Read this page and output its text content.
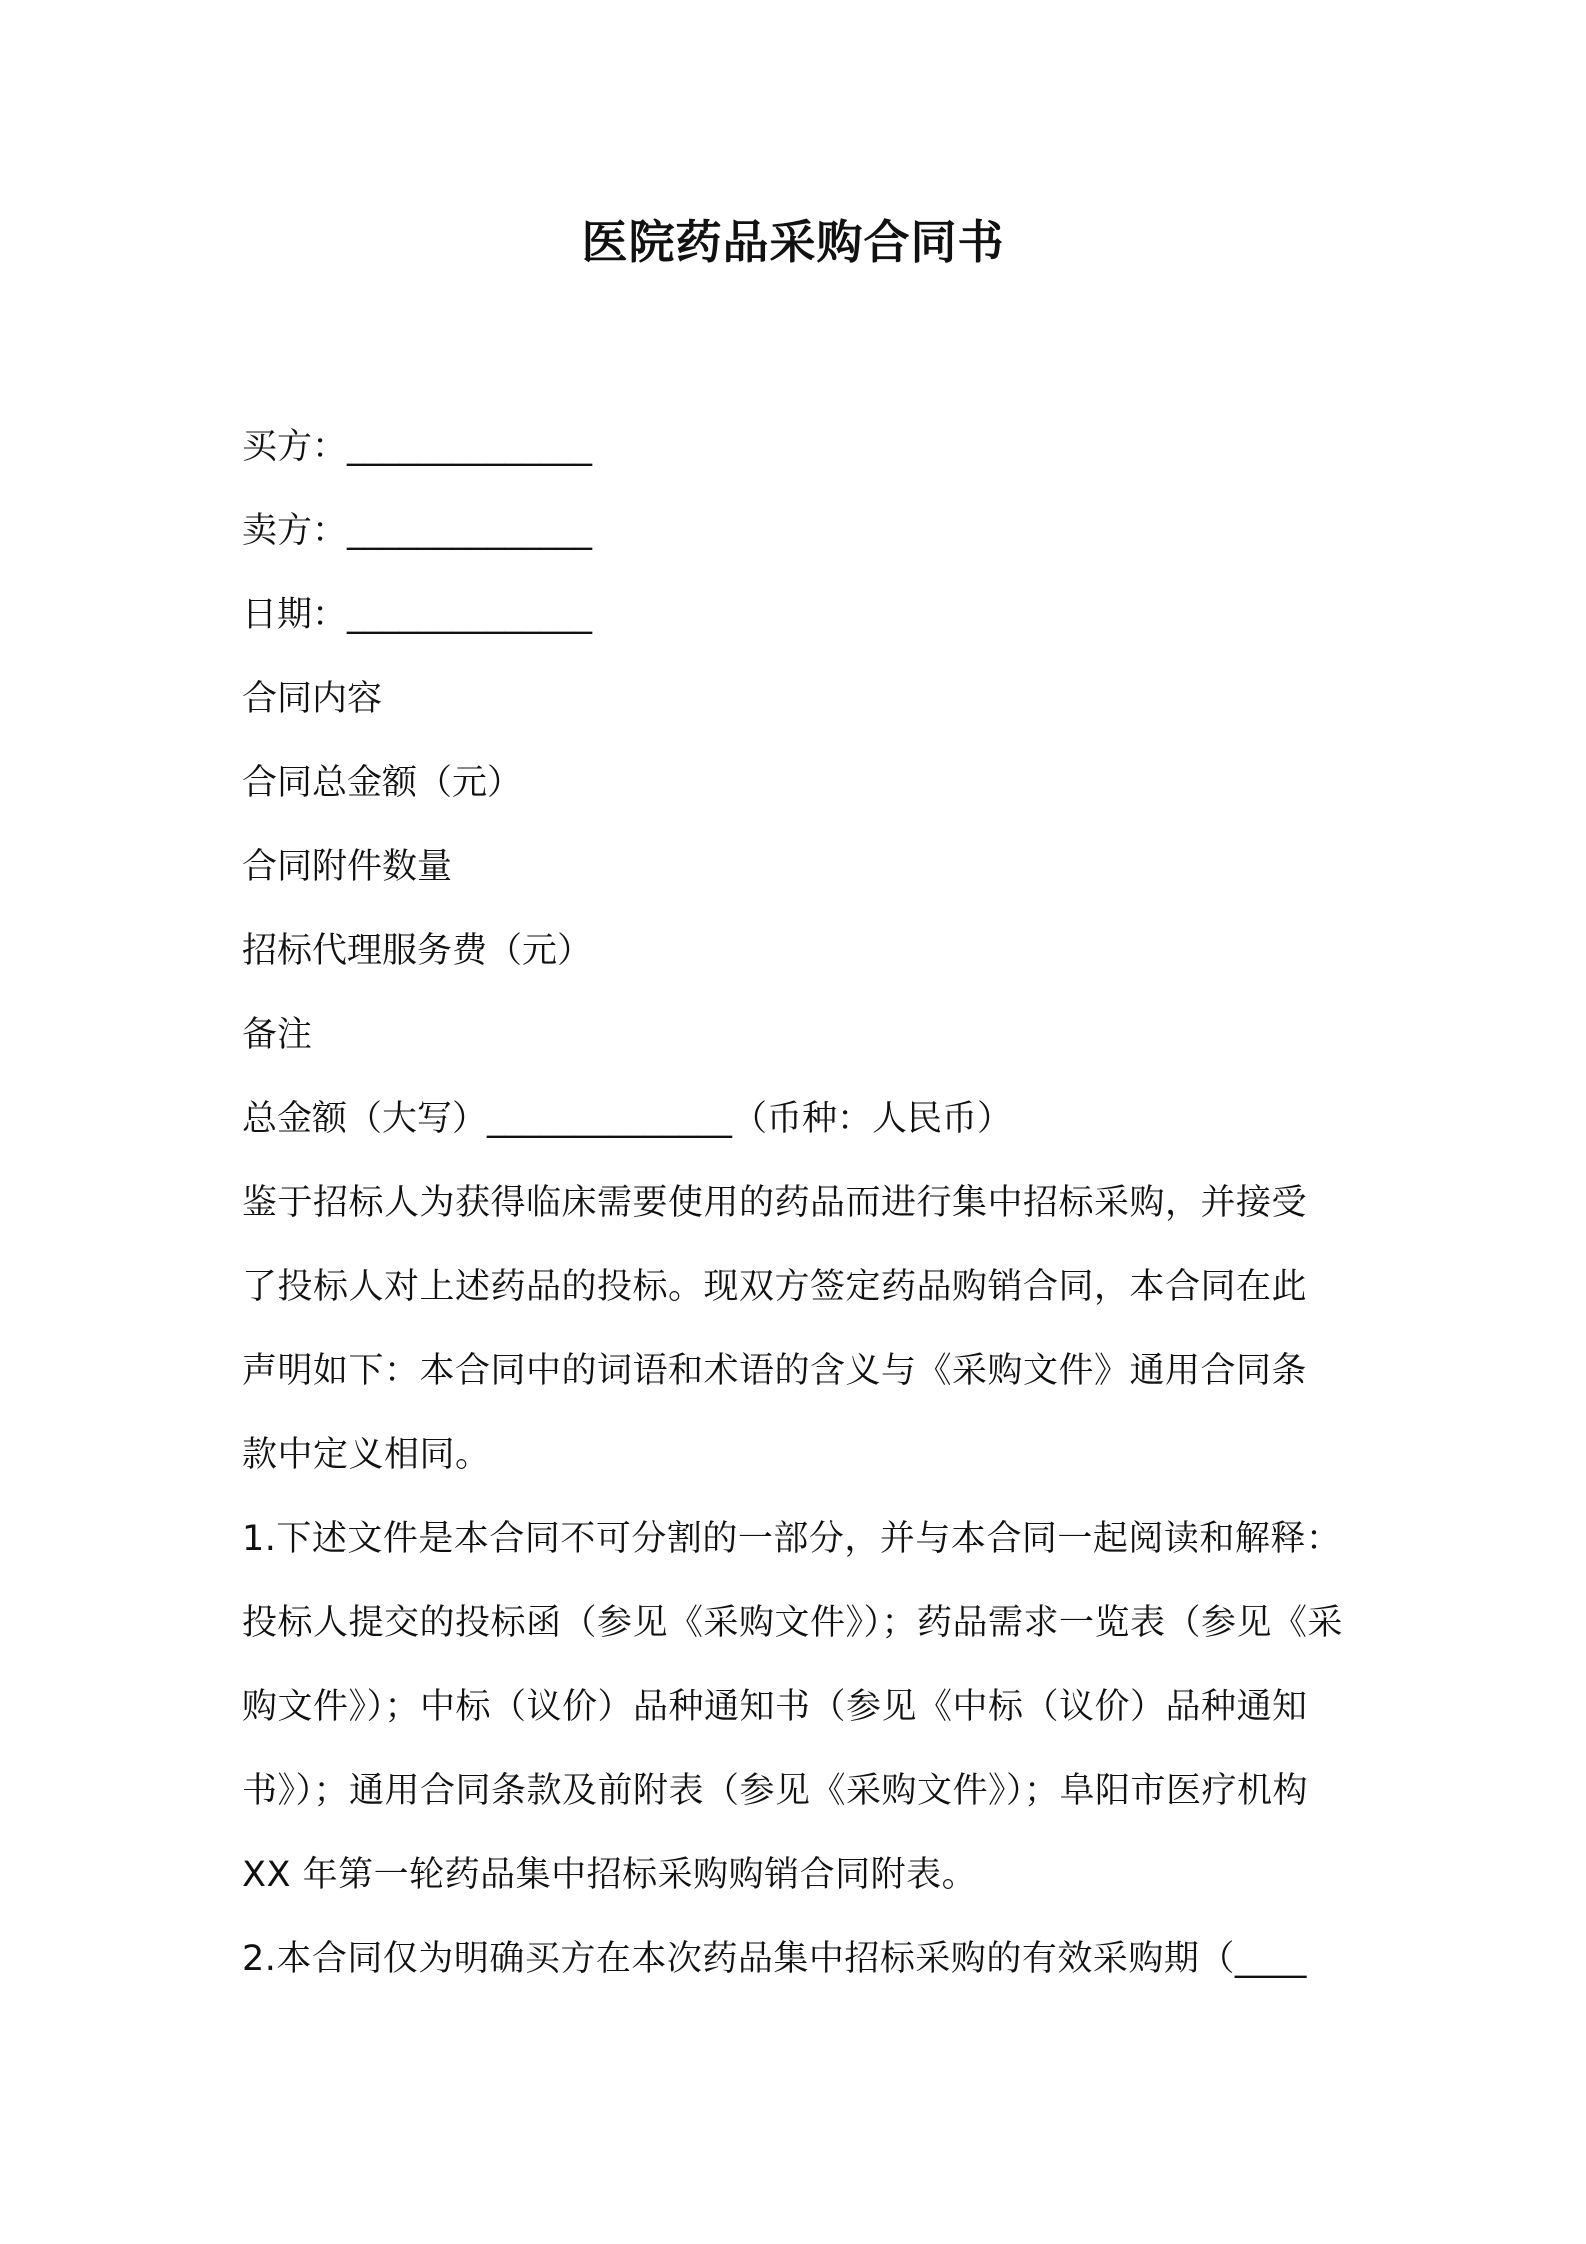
医院药品采购合同书
买方：______________
卖方：______________
日期：______________
合同内容
合同总金额（元）
合同附件数量
招标代理服务费（元）
备注
总金额（大写）______________（币种：人民币）
鉴于招标人为获得临床需要使用的药品而进行集中招标采购，并接受
了投标人对上述药品的投标。现双方签定药品购销合同，本合同在此
声明如下：本合同中的词语和术语的含义与《采购文件》通用合同条
款中定义相同。
1.下述文件是本合同不可分割的一部分，并与本合同一起阅读和解释：
投标人提交的投标函（参见《采购文件》）；药品需求一览表（参见《采
购文件》）；中标（议价）品种通知书（参见《中标（议价）品种通知
书》）；通用合同条款及前附表（参见《采购文件》）；阜阳市医疗机构
XX 年第一轮药品集中招标采购购销合同附表。
2.本合同仅为明确买方在本次药品集中招标采购的有效采购期（____
